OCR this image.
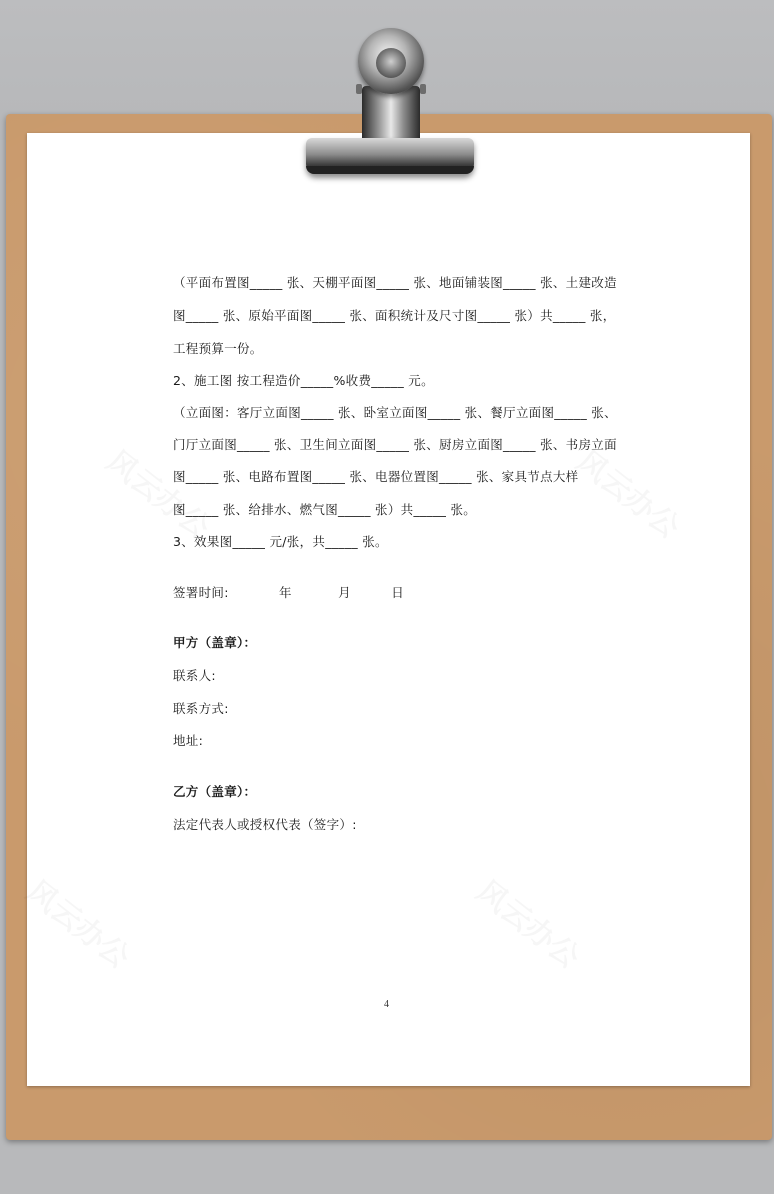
（平面布置图_____ 张、天棚平面图_____ 张、地面铺装图_____ 张、土建改造

图_____ 张、原始平面图_____ 张、面积统计及尺寸图_____ 张）共_____ 张，

工程预算一份。

2、施工图 按工程造价_____%收费_____ 元。

（立面图：客厅立面图_____ 张、卧室立面图_____ 张、餐厅立面图_____ 张、

门厅立面图_____ 张、卫生间立面图_____ 张、厨房立面图_____ 张、书房立面

图_____ 张、电路布置图_____ 张、电器位置图_____ 张、家具节点大样

图_____ 张、给排水、燃气图_____ 张）共_____ 张。

3、效果图_____ 元/张，共_____ 张。

签署时间:	年	月	日

甲方（盖章）：

联系人:

联系方式:

地址:

乙方（盖章）：

法定代表人或授权代表（签字）:

4
